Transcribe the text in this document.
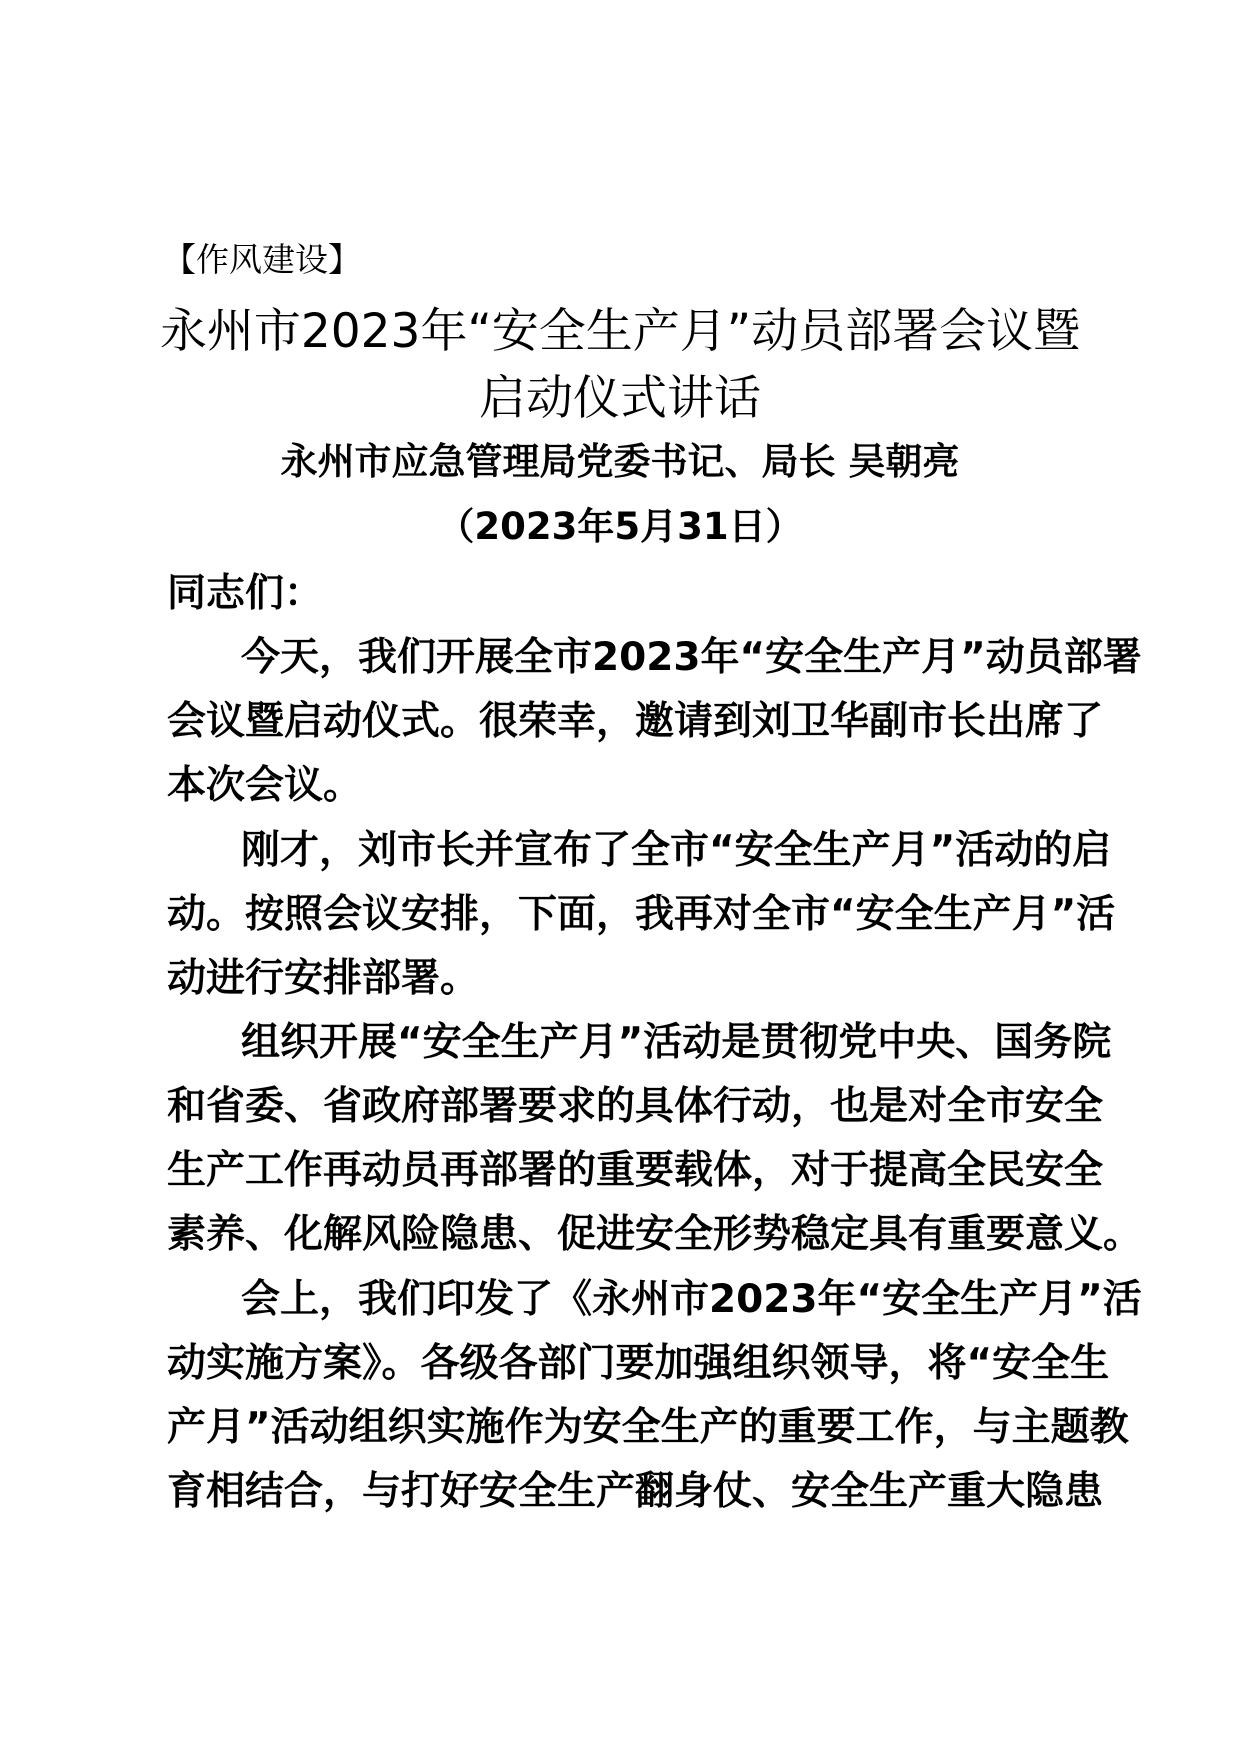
【作风建设】
永州市2023年“安全生产月”动员部署会议暨
启动仪式讲话
永州市应急管理局党委书记、局长 吴朝亮
（2023年5月31日）
同志们：
今天，我们开展全市2023年“安全生产月”动员部署
会议暨启动仪式。很荣幸，邀请到刘卫华副市长出席了
本次会议。
刚才，刘市长并宣布了全市“安全生产月”活动的启
动。按照会议安排，下面，我再对全市“安全生产月”活
动进行安排部署。
组织开展“安全生产月”活动是贯彻党中央、国务院
和省委、省政府部署要求的具体行动，也是对全市安全
生产工作再动员再部署的重要载体，对于提高全民安全
素养、化解风险隐患、促进安全形势稳定具有重要意义。
会上，我们印发了《永州市2023年“安全生产月”活
动实施方案》。各级各部门要加强组织领导，将“安全生
产月”活动组织实施作为安全生产的重要工作，与主题教
育相结合，与打好安全生产翻身仗、安全生产重大隐患
